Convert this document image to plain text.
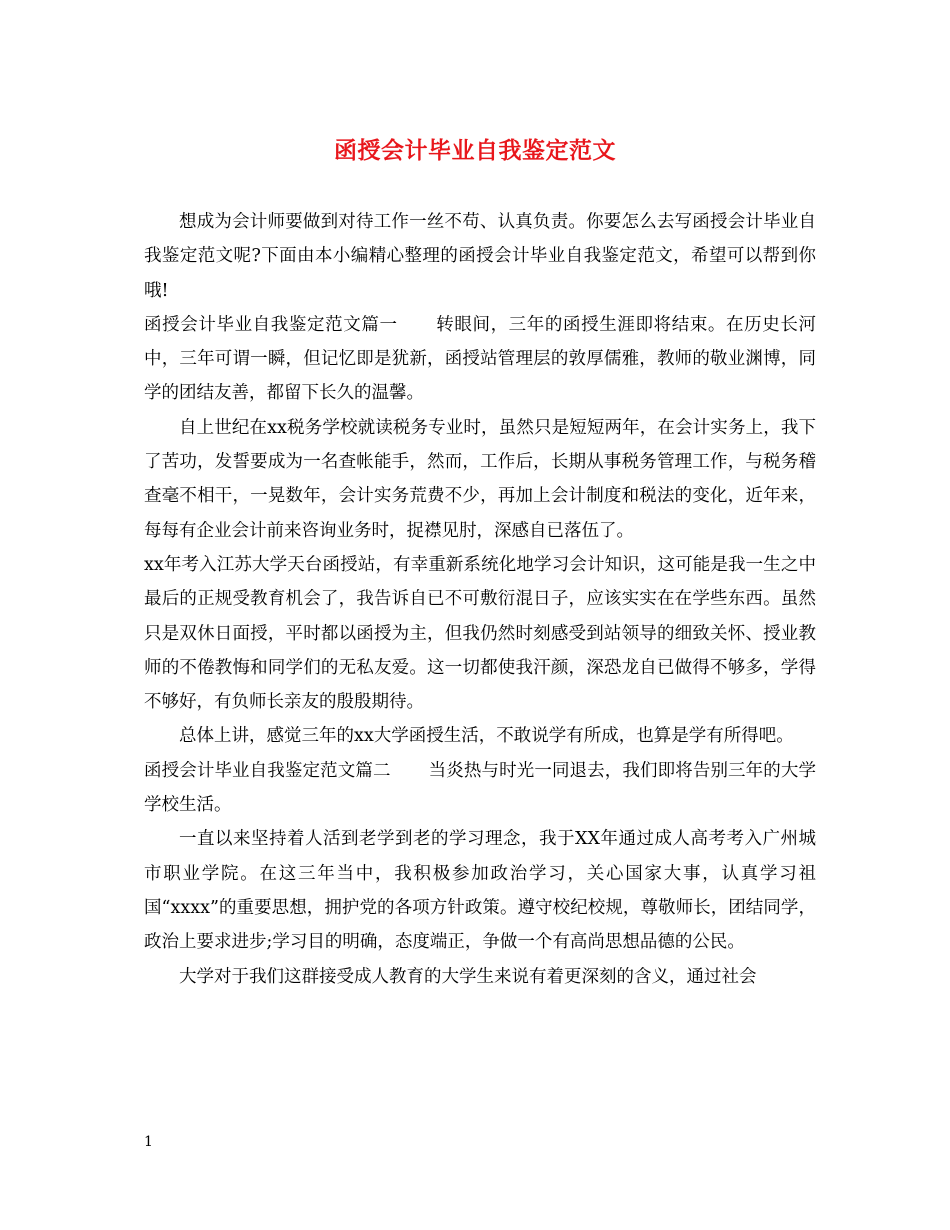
函授会计毕业自我鉴定范文

想成为会计师要做到对待工作一丝不苟、认真负责。你要怎么去写函授会计毕业自我鉴定范文呢?下面由本小编精心整理的函授会计毕业自我鉴定范文，希望可以帮到你哦!

函授会计毕业自我鉴定范文篇一 转眼间，三年的函授生涯即将结束。在历史长河中，三年可谓一瞬，但记忆即是犹新，函授站管理层的敦厚儒雅，教师的敬业渊博，同学的团结友善，都留下长久的温馨。

自上世纪在xx税务学校就读税务专业时，虽然只是短短两年，在会计实务上，我下了苦功，发誓要成为一名查帐能手，然而，工作后，长期从事税务管理工作，与税务稽查毫不相干，一晃数年，会计实务荒费不少，再加上会计制度和税法的变化，近年来，每每有企业会计前来咨询业务时，捉襟见肘，深感自已落伍了。

xx年考入江苏大学天台函授站，有幸重新系统化地学习会计知识，这可能是我一生之中最后的正规受教育机会了，我告诉自已不可敷衍混日子，应该实实在在学些东西。虽然只是双休日面授，平时都以函授为主，但我仍然时刻感受到站领导的细致关怀、授业教师的不倦教悔和同学们的无私友爱。这一切都使我汗颜，深恐龙自已做得不够多，学得不够好，有负师长亲友的殷殷期待。

总体上讲，感觉三年的xx大学函授生活，不敢说学有所成，也算是学有所得吧。

函授会计毕业自我鉴定范文篇二 当炎热与时光一同退去，我们即将告别三年的大学学校生活。

一直以来坚持着人活到老学到老的学习理念，我于XX年通过成人高考考入广州城市职业学院。在这三年当中，我积极参加政治学习，关心国家大事，认真学习祖国“xxxx”的重要思想，拥护党的各项方针政策。遵守校纪校规，尊敬师长，团结同学，政治上要求进步;学习目的明确，态度端正，争做一个有高尚思想品德的公民。

大学对于我们这群接受成人教育的大学生来说有着更深刻的含义，通过社会

1
